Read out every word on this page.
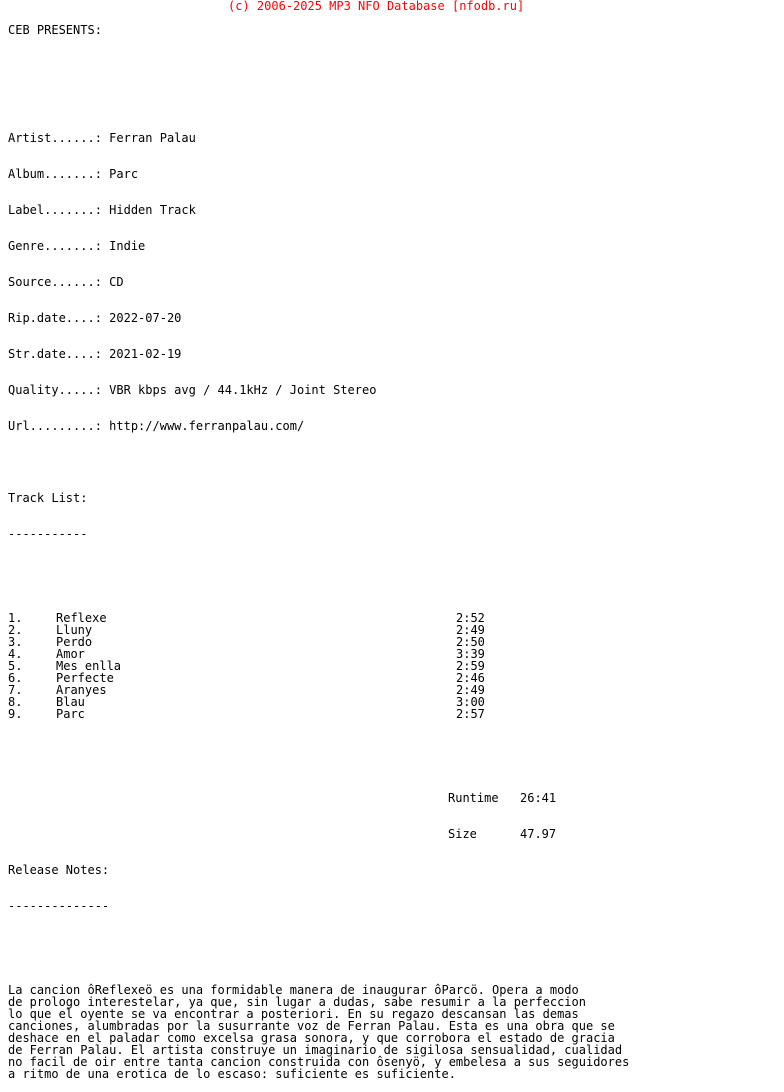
(c) 2006-2025 MP3 NFO Database [nfodb.ru]

CEB PRESENTS:

Artist......: Ferran Palau

Album.......: Parc

Label.......: Hidden Track

Genre.......: Indie

Source......: CD

Rip.date....: 2022-07-20

Str.date....: 2021-02-19

Quality.....: VBR kbps avg / 44.1kHz / Joint Stereo

Url.........: http://www.ferranpalau.com/

Track List:

-----------

1.	Reflexe	2:52
2.	Lluny	2:49
3.	Perdo	2:50
4.	Amor	3:39
5.	Mes enlla	2:59
6.	Perfecte	2:46
7.	Aranyes	2:49
8.	Blau	3:00
9.	Parc	2:57

Runtime 26:41

Size	47.97

Release Notes:

--------------

La cancion ôReflexeö es una formidable manera de inaugurar ôParcö. Opera a modo
de prologo interestelar, ya que, sin lugar a dudas, sabe resumir a la perfeccion
lo que el oyente se va encontrar a posteriori. En su regazo descansan las demas
canciones, alumbradas por la susurrante voz de Ferran Palau. Esta es una obra que se
deshace en el paladar como excelsa grasa sonora, y que corrobora el estado de gracia
de Ferran Palau. El artista construye un imaginario de sigilosa sensualidad, cualidad
no facil de oir entre tanta cancion construida con ôsenyö, y embelesa a sus seguidores
a ritmo de una erotica de lo escaso: suficiente es suficiente.
